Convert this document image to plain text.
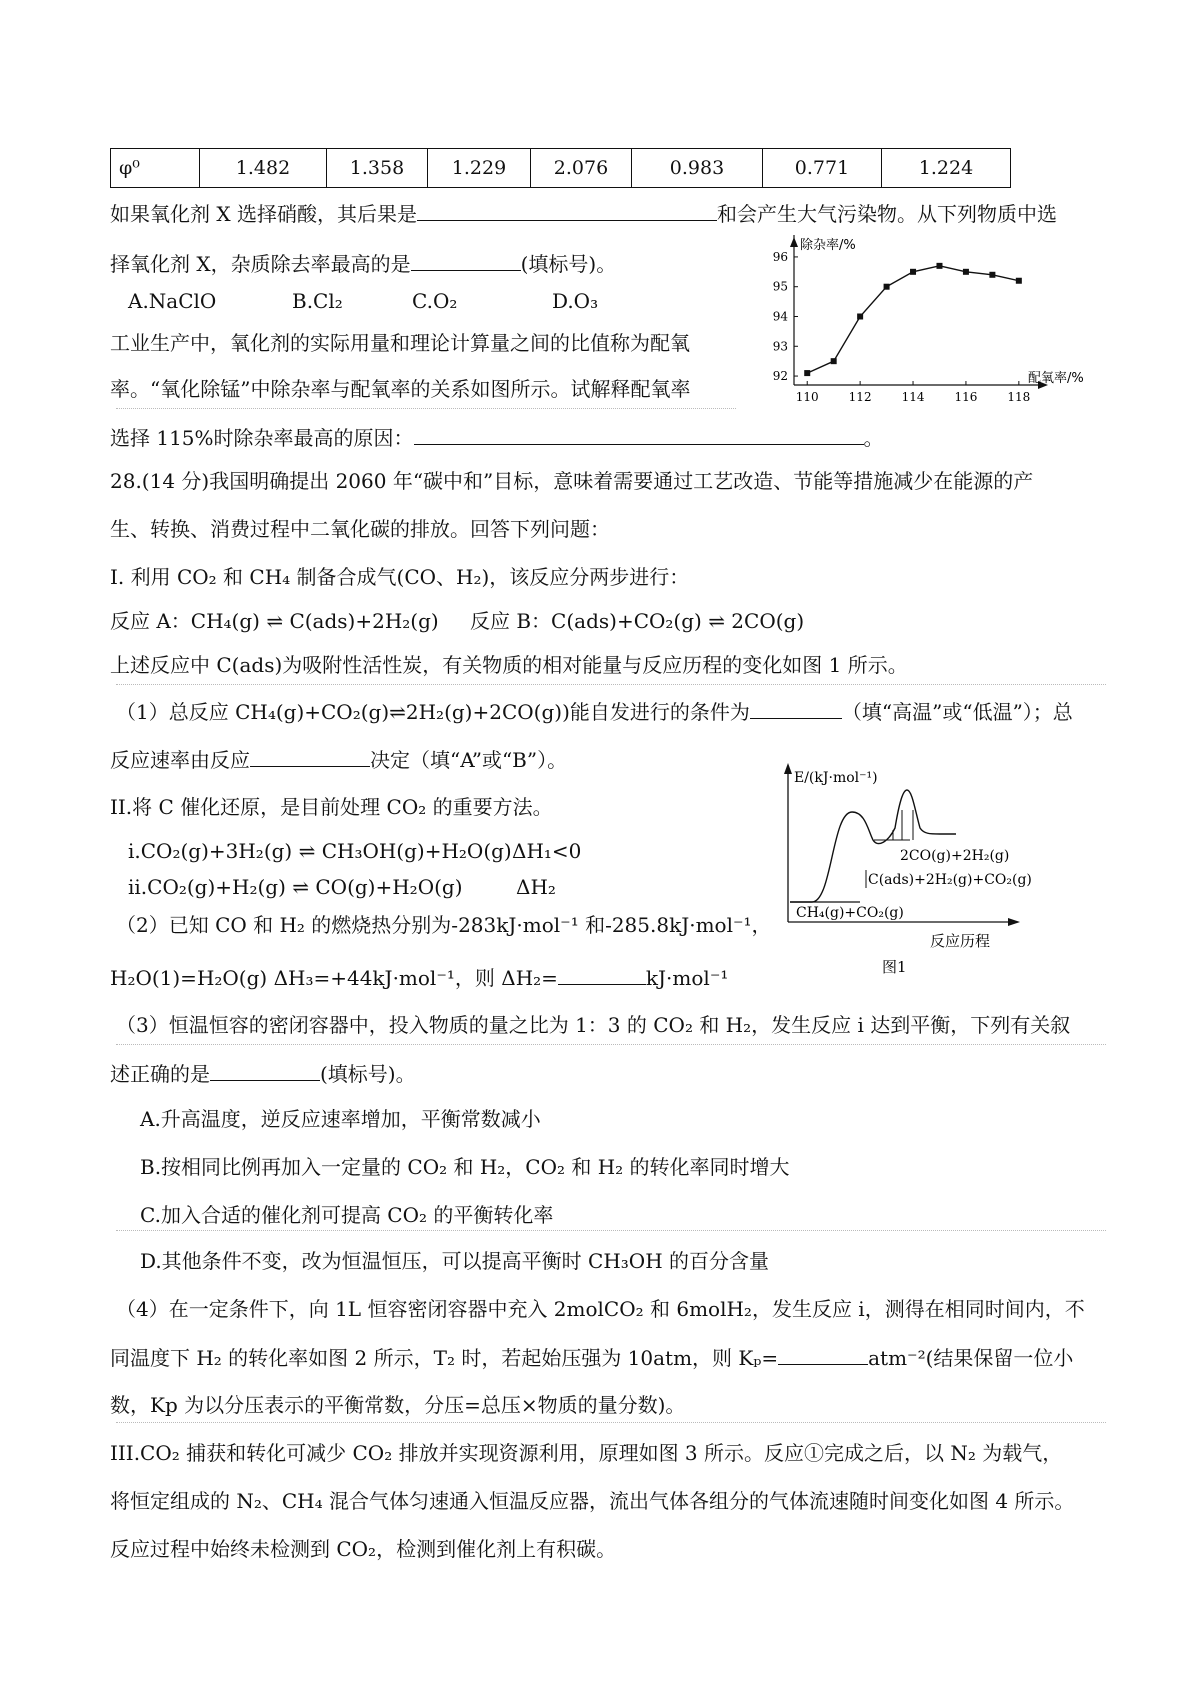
φ⁰	1.482	1.358	1.229	2.076	0.983	0.771	1.224
如果氧化剂 X 选择硝酸，其后果是	和会产生大气污染物。从下列物质中选
择氧化剂 X，杂质除去率最高的是	(填标号)。
A.NaClO	B.Cl₂	C.O₂	D.O₃
工业生产中，氧化剂的实际用量和理论计算量之间的比值称为配氧
率。“氧化除锰”中除杂率与配氧率的关系如图所示。试解释配氧率
选择 115%时除杂率最高的原因：	。
除杂率/%
配氧率/%
92
93
94
95
96
110 112 114 116 118
28.(14 分)我国明确提出 2060 年“碳中和”目标，意味着需要通过工艺改造、节能等措施减少在能源的产
生、转换、消费过程中二氧化碳的排放。回答下列问题：
I. 利用 CO₂ 和 CH₄ 制备合成气(CO、H₂)，该反应分两步进行：
反应 A：CH₄(g) ⇌ C(ads)+2H₂(g) 反应 B：C(ads)+CO₂(g) ⇌ 2CO(g)
上述反应中 C(ads)为吸附性活性炭，有关物质的相对能量与反应历程的变化如图 1 所示。
（1）总反应 CH₄(g)+CO₂(g)⇌2H₂(g)+2CO(g))能自发进行的条件为	（填“高温”或“低温”）；总
反应速率由反应	决定（填“A”或“B”）。
II.将 C 催化还原，是目前处理 CO₂ 的重要方法。
i.CO₂(g)+3H₂(g) ⇌ CH₃OH(g)+H₂O(g) ΔH₁<0
ii.CO₂(g)+H₂(g) ⇌ CO(g)+H₂O(g)	ΔH₂
（2）已知 CO 和 H₂ 的燃烧热分别为-283kJ·mol⁻¹ 和-285.8kJ·mol⁻¹，
H₂O(1)=H₂O(g) ΔH₃=+44kJ·mol⁻¹，则 ΔH₂=	kJ·mol⁻¹
E/(kJ·mol⁻¹)
2CO(g)+2H₂(g)
C(ads)+2H₂(g)+CO₂(g)
CH₄(g)+CO₂(g)
反应历程
图1
（3）恒温恒容的密闭容器中，投入物质的量之比为 1：3 的 CO₂ 和 H₂，发生反应 i 达到平衡，下列有关叙
述正确的是	(填标号)。
A.升高温度，逆反应速率增加，平衡常数减小
B.按相同比例再加入一定量的 CO₂ 和 H₂，CO₂ 和 H₂ 的转化率同时增大
C.加入合适的催化剂可提高 CO₂ 的平衡转化率
D.其他条件不变，改为恒温恒压，可以提高平衡时 CH₃OH 的百分含量
（4）在一定条件下，向 1L 恒容密闭容器中充入 2molCO₂ 和 6molH₂，发生反应 i，测得在相同时间内，不
同温度下 H₂ 的转化率如图 2 所示，T₂ 时，若起始压强为 10atm，则 Kₚ=	atm⁻²(结果保留一位小
数，Kp 为以分压表示的平衡常数，分压=总压×物质的量分数)。
III.CO₂ 捕获和转化可减少 CO₂ 排放并实现资源利用，原理如图 3 所示。反应①完成之后，以 N₂ 为载气，
将恒定组成的 N₂、CH₄ 混合气体匀速通入恒温反应器，流出气体各组分的气体流速随时间变化如图 4 所示。
反应过程中始终未检测到 CO₂，检测到催化剂上有积碳。
